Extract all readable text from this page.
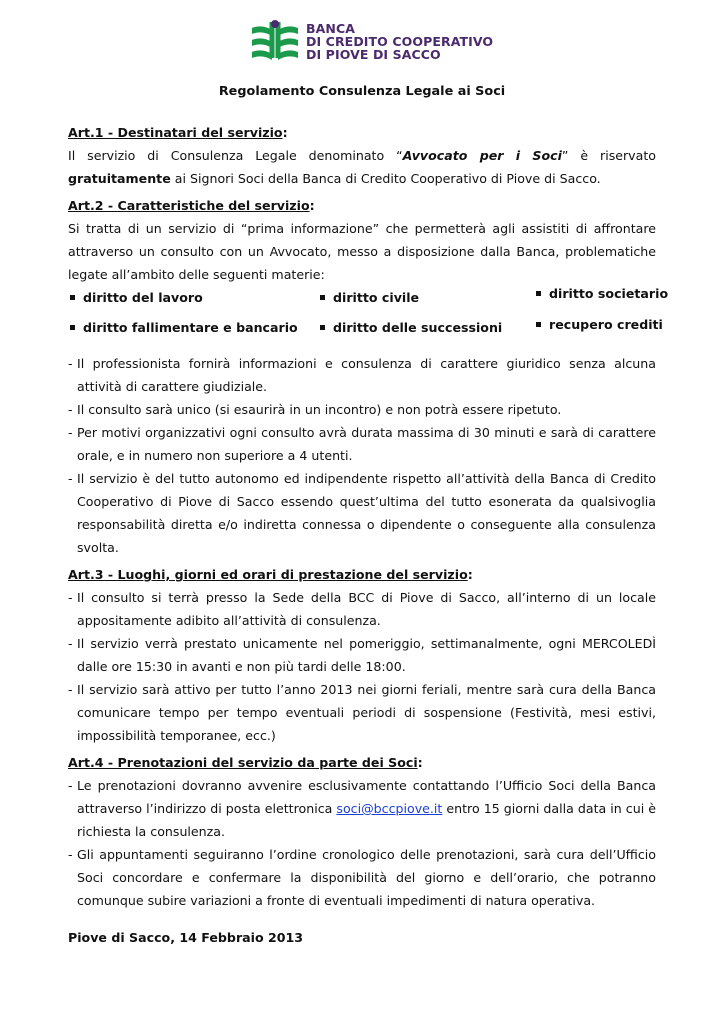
BANCA
DI CREDITO COOPERATIVO
DI PIOVE DI SACCO

Regolamento Consulenza Legale ai Soci

Art.1 - Destinatari del servizio:

Il servizio di Consulenza Legale denominato “Avvocato per i Soci” è riservato gratuitamente ai Signori Soci della Banca di Credito Cooperativo di Piove di Sacco.

Art.2 - Caratteristiche del servizio:

Si tratta di un servizio di “prima informazione” che permetterà agli assistiti di affrontare attraverso un consulto con un Avvocato, messo a disposizione dalla Banca, problematiche legate all’ambito delle seguenti materie:

diritto del lavoro	diritto civile	diritto societario
diritto fallimentare e bancario	diritto delle successioni	recupero crediti
- Il professionista fornirà informazioni e consulenza di carattere giuridico senza alcuna attività di carattere giudiziale.
- Il consulto sarà unico (si esaurirà in un incontro) e non potrà essere ripetuto.
- Per motivi organizzativi ogni consulto avrà durata massima di 30 minuti e sarà di carattere orale, e in numero non superiore a 4 utenti.
- Il servizio è del tutto autonomo ed indipendente rispetto all’attività della Banca di Credito Cooperativo di Piove di Sacco essendo quest’ultima del tutto esonerata da qualsivoglia responsabilità diretta e/o indiretta connessa o dipendente o conseguente alla consulenza svolta.

Art.3 - Luoghi, giorni ed orari di prestazione del servizio:

- Il consulto si terrà presso la Sede della BCC di Piove di Sacco, all’interno di un locale appositamente adibito all’attività di consulenza.
- Il servizio verrà prestato unicamente nel pomeriggio, settimanalmente, ogni MERCOLEDÌ dalle ore 15:30 in avanti e non più tardi delle 18:00.
- Il servizio sarà attivo per tutto l’anno 2013 nei giorni feriali, mentre sarà cura della Banca comunicare tempo per tempo eventuali periodi di sospensione (Festività, mesi estivi, impossibilità temporanee, ecc.)

Art.4 - Prenotazioni del servizio da parte dei Soci:

- Le prenotazioni dovranno avvenire esclusivamente contattando l’Ufficio Soci della Banca attraverso l’indirizzo di posta elettronica soci@bccpiove.it entro 15 giorni dalla data in cui è richiesta la consulenza.
- Gli appuntamenti seguiranno l’ordine cronologico delle prenotazioni, sarà cura dell’Ufficio Soci concordare e confermare la disponibilità del giorno e dell’orario, che potranno comunque subire variazioni a fronte di eventuali impedimenti di natura operativa.

Piove di Sacco, 14 Febbraio 2013
